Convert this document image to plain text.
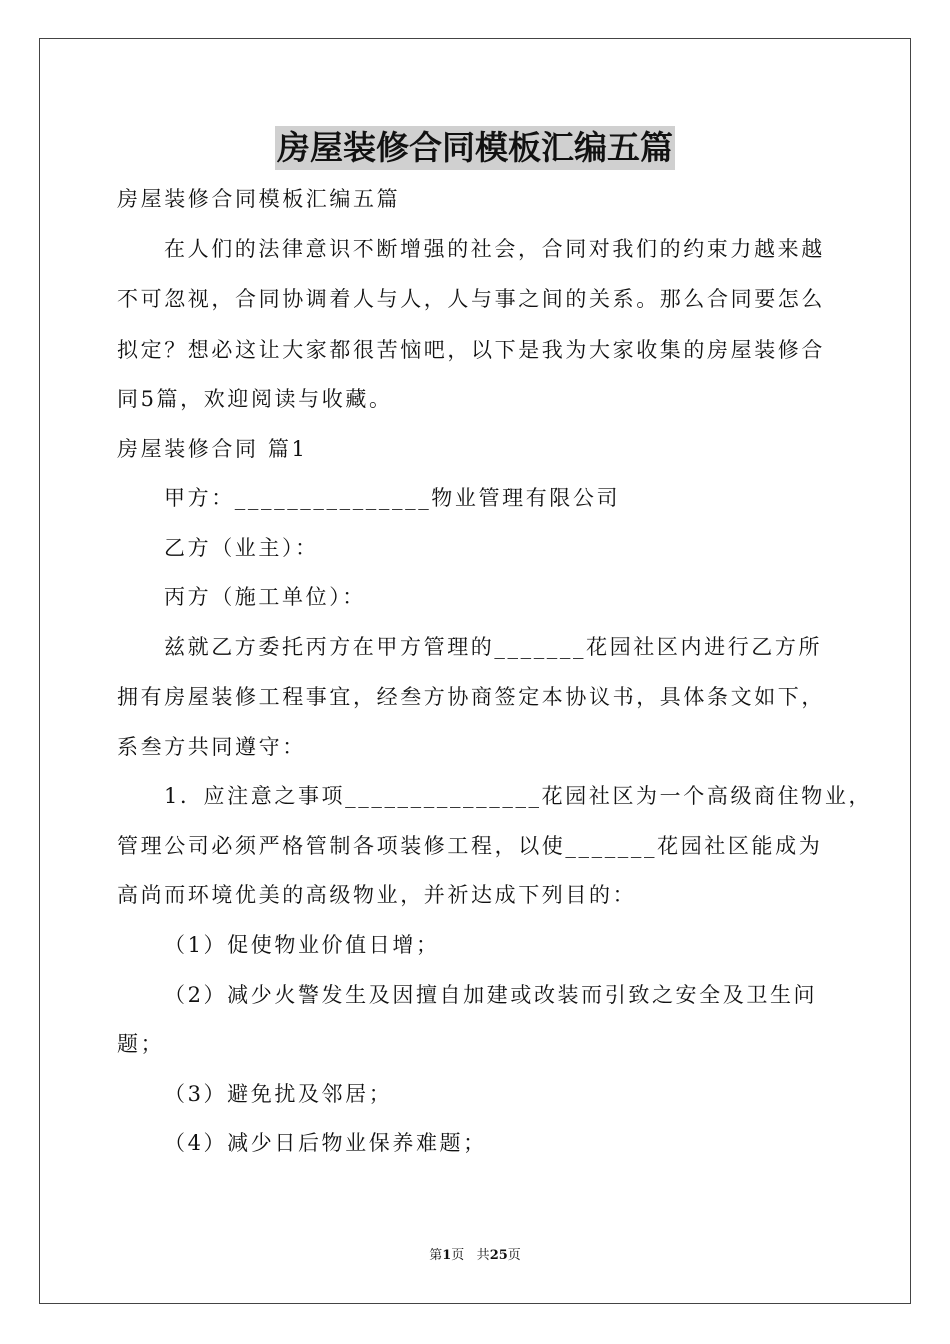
房屋装修合同模板汇编五篇
房屋装修合同模板汇编五篇
在人们的法律意识不断增强的社会，合同对我们的约束力越来越
不可忽视，合同协调着人与人，人与事之间的关系。那么合同要怎么
拟定？想必这让大家都很苦恼吧，以下是我为大家收集的房屋装修合
同5篇，欢迎阅读与收藏。
房屋装修合同 篇1
甲方：_______________物业管理有限公司
乙方（业主）：
丙方（施工单位）：
兹就乙方委托丙方在甲方管理的_______花园社区内进行乙方所
拥有房屋装修工程事宜，经叁方协商签定本协议书，具体条文如下，
系叁方共同遵守：
1．应注意之事项_______________花园社区为一个高级商住物业，
管理公司必须严格管制各项装修工程，以使_______花园社区能成为
高尚而环境优美的高级物业，并祈达成下列目的：
（1）促使物业价值日增；
（2）减少火警发生及因擅自加建或改装而引致之安全及卫生问
题；
（3）避免扰及邻居；
（4）减少日后物业保养难题；
第1页 共25页
